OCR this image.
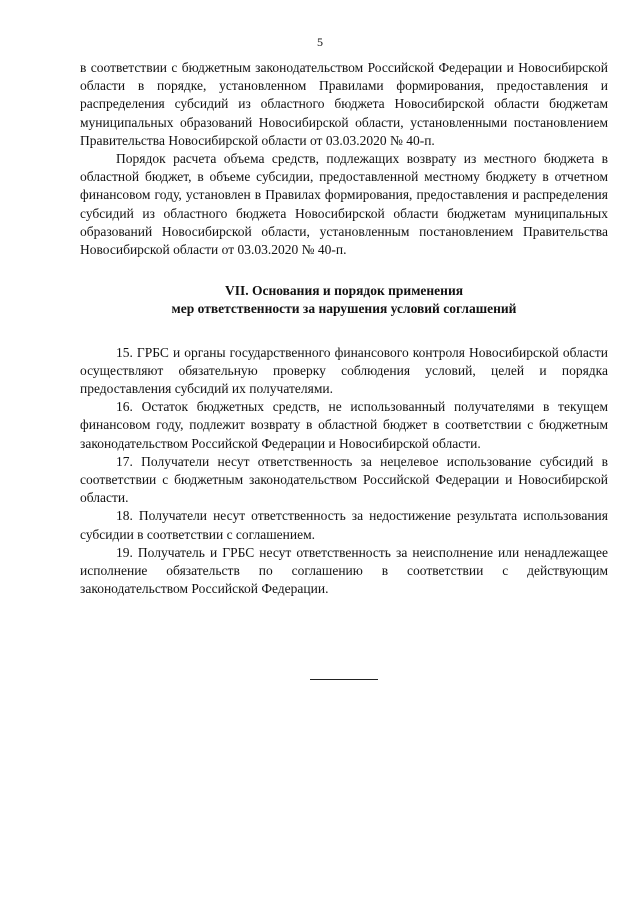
5

в соответствии с бюджетным законодательством Российской Федерации и Новосибирской области в порядке, установленном Правилами формирования, предоставления и распределения субсидий из областного бюджета Новосибирской области бюджетам муниципальных образований Новосибирской области, установленными постановлением Правительства Новосибирской области от 03.03.2020 № 40-п.

Порядок расчета объема средств, подлежащих возврату из местного бюджета в областной бюджет, в объеме субсидии, предоставленной местному бюджету в отчетном финансовом году, установлен в Правилах формирования, предоставления и распределения субсидий из областного бюджета Новосибирской области бюджетам муниципальных образований Новосибирской области, установленным постановлением Правительства Новосибирской области от 03.03.2020 № 40-п.

VII. Основания и порядок применения
мер ответственности за нарушения условий соглашений

15. ГРБС и органы государственного финансового контроля Новосибирской области осуществляют обязательную проверку соблюдения условий, целей и порядка предоставления субсидий их получателями.

16. Остаток бюджетных средств, не использованный получателями в текущем финансовом году, подлежит возврату в областной бюджет в соответствии с бюджетным законодательством Российской Федерации и Новосибирской области.

17. Получатели несут ответственность за нецелевое использование субсидий в соответствии с бюджетным законодательством Российской Федерации и Новосибирской области.

18. Получатели несут ответственность за недостижение результата использования субсидии в соответствии с соглашением.

19. Получатель и ГРБС несут ответственность за неисполнение или ненадлежащее исполнение обязательств по соглашению в соответствии с действующим законодательством Российской Федерации.
